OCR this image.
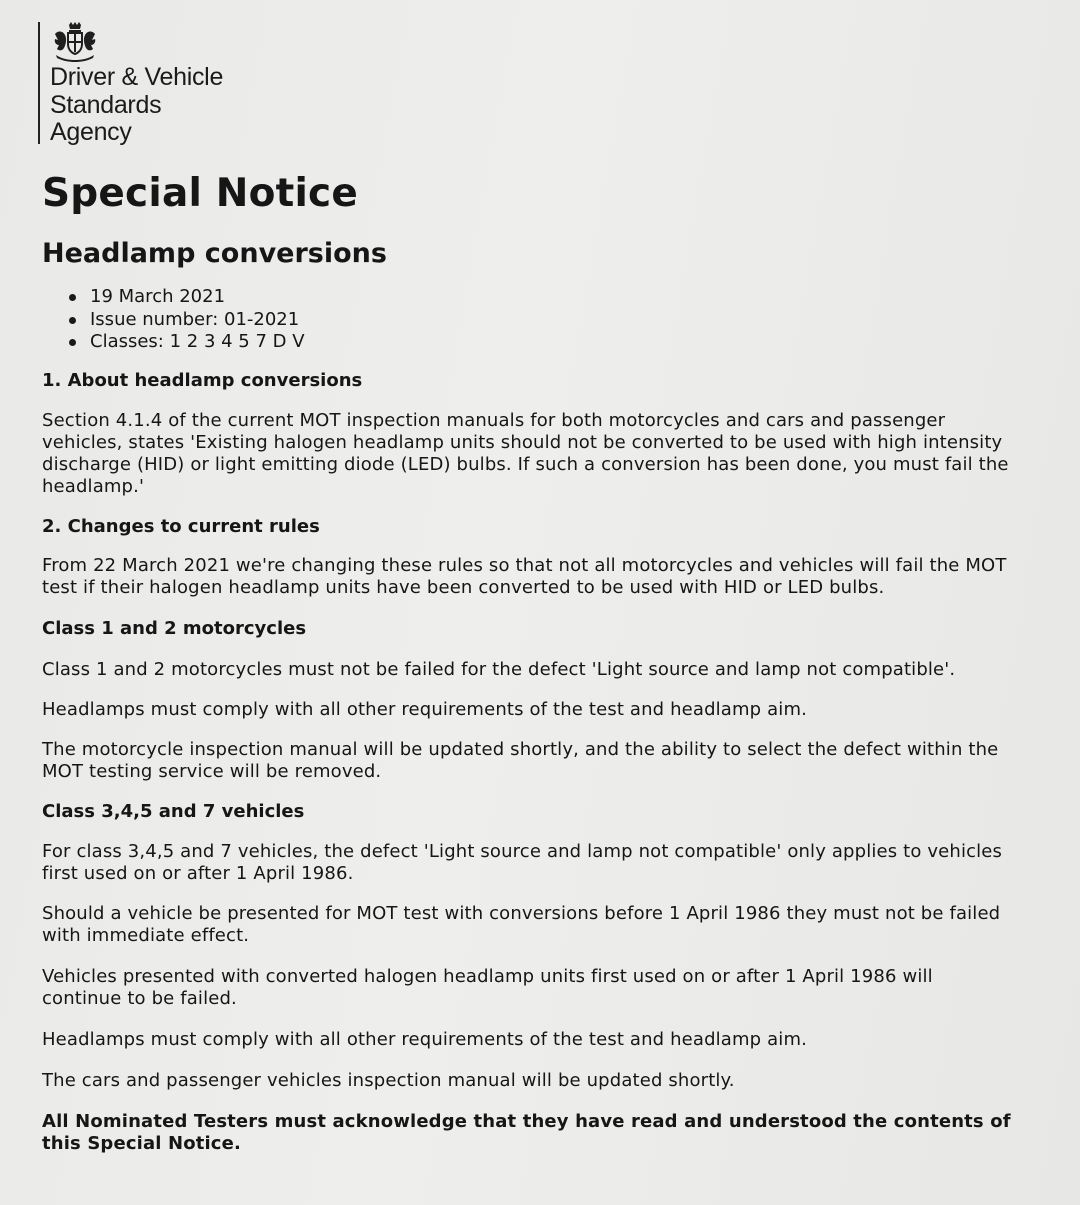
Driver & Vehicle
Standards
Agency
Special Notice
Headlamp conversions
19 March 2021
Issue number: 01-2021
Classes: 1 2 3 4 5 7 D V
1. About headlamp conversions

Section 4.1.4 of the current MOT inspection manuals for both motorcycles and cars and passenger
vehicles, states 'Existing halogen headlamp units should not be converted to be used with high intensity
discharge (HID) or light emitting diode (LED) bulbs. If such a conversion has been done, you must fail the
headlamp.'

2. Changes to current rules

From 22 March 2021 we're changing these rules so that not all motorcycles and vehicles will fail the MOT
test if their halogen headlamp units have been converted to be used with HID or LED bulbs.

Class 1 and 2 motorcycles

Class 1 and 2 motorcycles must not be failed for the defect 'Light source and lamp not compatible'.

Headlamps must comply with all other requirements of the test and headlamp aim.

The motorcycle inspection manual will be updated shortly, and the ability to select the defect within the
MOT testing service will be removed.

Class 3,4,5 and 7 vehicles

For class 3,4,5 and 7 vehicles, the defect 'Light source and lamp not compatible' only applies to vehicles
first used on or after 1 April 1986.

Should a vehicle be presented for MOT test with conversions before 1 April 1986 they must not be failed
with immediate effect.

Vehicles presented with converted halogen headlamp units first used on or after 1 April 1986 will
continue to be failed.

Headlamps must comply with all other requirements of the test and headlamp aim.

The cars and passenger vehicles inspection manual will be updated shortly.

All Nominated Testers must acknowledge that they have read and understood the contents of
this Special Notice.
